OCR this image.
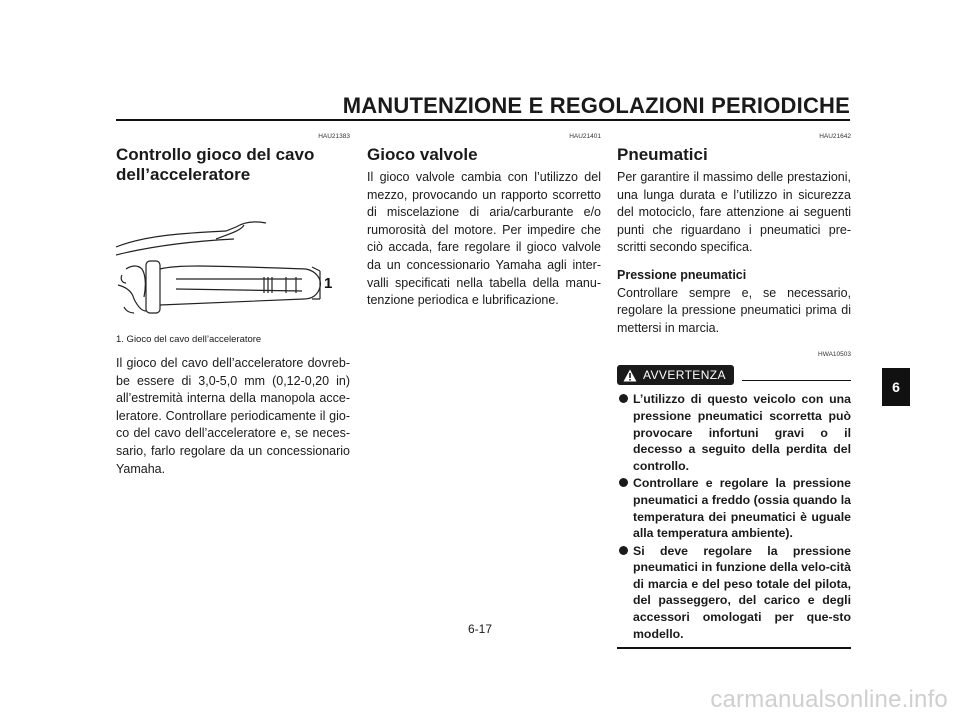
MANUTENZIONE E REGOLAZIONI PERIODICHE
HAU21383
Controllo gioco del cavo dell’acceleratore
1
1. Gioco del cavo dell’acceleratore

Il gioco del cavo dell’acceleratore dovreb-be essere di 3,0-5,0 mm (0,12-0,20 in) all’estremità interna della manopola acce-leratore. Controllare periodicamente il gio-co del cavo dell’acceleratore e, se neces-sario, farlo regolare da un concessionario Yamaha.

HAU21401
Gioco valvole

Il gioco valvole cambia con l’utilizzo del mezzo, provocando un rapporto scorretto di miscelazione di aria/carburante e/o rumorosità del motore. Per impedire che ciò accada, fare regolare il gioco valvole da un concessionario Yamaha agli inter-valli specificati nella tabella della manu-tenzione periodica e lubrificazione.

HAU21642
Pneumatici

Per garantire il massimo delle prestazioni, una lunga durata e l’utilizzo in sicurezza del motociclo, fare attenzione ai seguenti punti che riguardano i pneumatici pre-scritti secondo specifica.

Pressione pneumatici

Controllare sempre e, se necessario, regolare la pressione pneumatici prima di mettersi in marcia.

HWA10503
AVVERTENZA
L’utilizzo di questo veicolo con una pressione pneumatici scorretta può provocare infortuni gravi o il decesso a seguito della perdita del controllo.
Controllare e regolare la pressione pneumatici a freddo (ossia quando la temperatura dei pneumatici è uguale alla temperatura ambiente).
Si deve regolare la pressione pneumatici in funzione della velo-cità di marcia e del peso totale del pilota, del passeggero, del carico e degli accessori omologati per que-sto modello.
6
6-17
carmanualsonline.info
